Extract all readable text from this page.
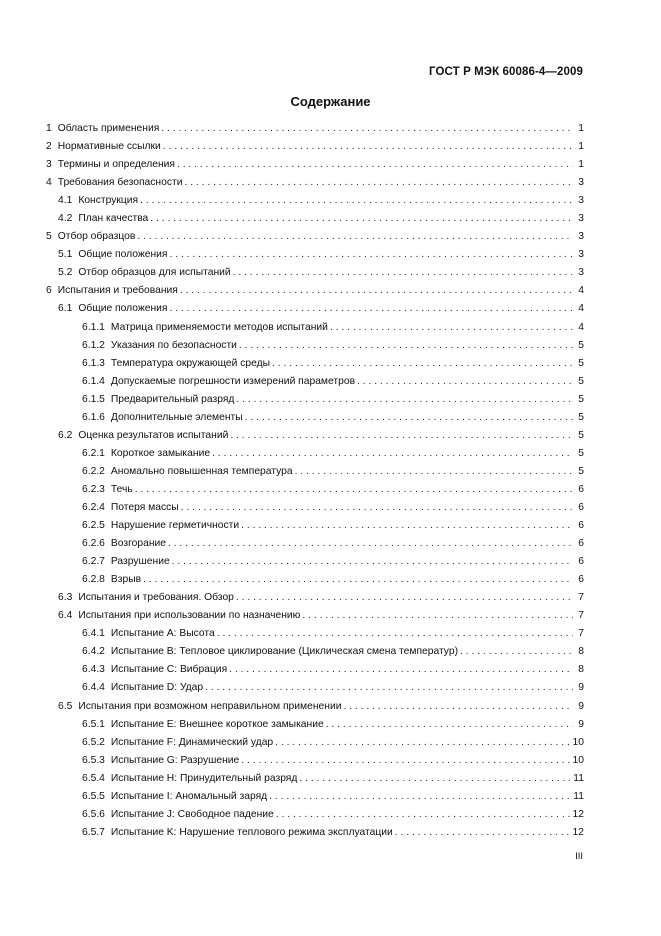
ГОСТ Р МЭК 60086-4—2009
Содержание
1 Область применения . . .	1
2 Нормативные ссылки . . .	1
3 Термины и определения . . .	1
4 Требования безопасности . . .	3
4.1 Конструкция . . .	3
4.2 План качества . . .	3
5 Отбор образцов . . .	3
5.1 Общие положения . . .	3
5.2 Отбор образцов для испытаний . . .	3
6 Испытания и требования . . .	4
6.1 Общие положения . . .	4
6.1.1 Матрица применяемости методов испытаний . . .	4
6.1.2 Указания по безопасности . . .	5
6.1.3 Температура окружающей среды . . .	5
6.1.4 Допускаемые погрешности измерений параметров . . .	5
6.1.5 Предварительный разряд . . .	5
6.1.6 Дополнительные элементы . . .	5
6.2 Оценка результатов испытаний . . .	5
6.2.1 Короткое замыкание . . .	5
6.2.2 Аномально повышенная температура . . .	5
6.2.3 Течь . . .	6
6.2.4 Потеря массы . . .	6
6.2.5 Нарушение герметичности . . .	6
6.2.6 Возгорание . . .	6
6.2.7 Разрушение . . .	6
6.2.8 Взрыв . . .	6
6.3 Испытания и требования. Обзор . . .	7
6.4 Испытания при использовании по назначению . . .	7
6.4.1 Испытание A: Высота . . .	7
6.4.2 Испытание B: Тепловое циклирование (Циклическая смена температур) . . .	8
6.4.3 Испытание C: Вибрация . . .	8
6.4.4 Испытание D: Удар . . .	9
6.5 Испытания при возможном неправильном применении . . .	9
6.5.1 Испытание E: Внешнее короткое замыкание . . .	9
6.5.2 Испытание F: Динамический удар . . .	10
6.5.3 Испытание G: Разрушение . . .	10
6.5.4 Испытание H: Принудительный разряд . . .	11
6.5.5 Испытание I: Аномальный заряд . . .	11
6.5.6 Испытание J: Свободное падение . . .	12
6.5.7 Испытание K: Нарушение теплового режима эксплуатации . . .	12
III
